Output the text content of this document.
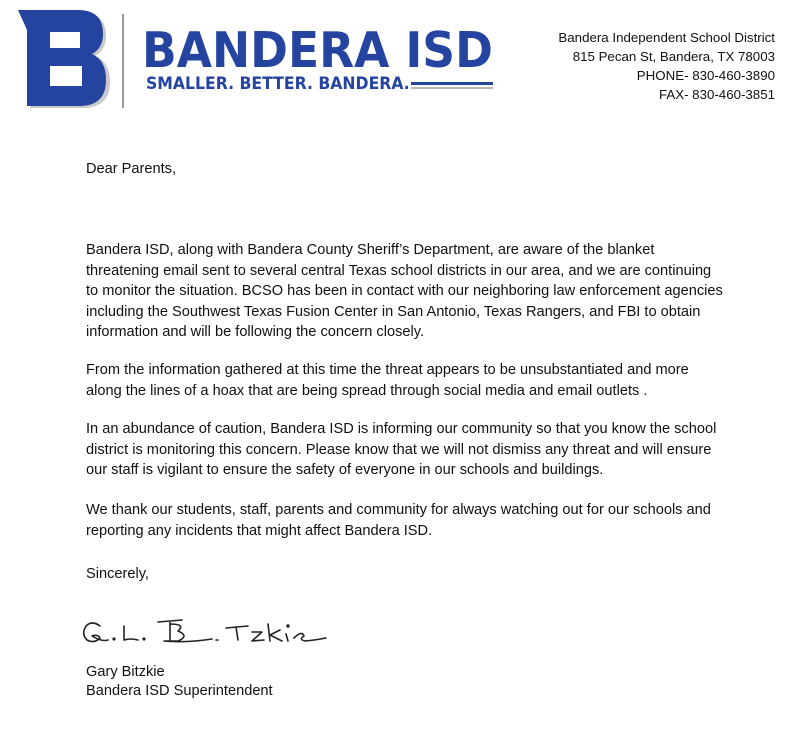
BANDERA ISD
SMALLER. BETTER. BANDERA.
Bandera Independent School District
815 Pecan St, Bandera, TX 78003
PHONE- 830-460-3890
FAX- 830-460-3851
Dear Parents,

Bandera ISD, along with Bandera County Sheriff’s Department, are aware of the blanket threatening email sent to several central Texas school districts in our area, and we are continuing to monitor the situation. BCSO has been in contact with our neighboring law enforcement agencies including the Southwest Texas Fusion Center in San Antonio, Texas Rangers, and FBI to obtain information and will be following the concern closely.

From the information gathered at this time the threat appears to be unsubstantiated and more along the lines of a hoax that are being spread through social media and email outlets .

In an abundance of caution, Bandera ISD is informing our community so that you know the school district is monitoring this concern. Please know that we will not dismiss any threat and will ensure our staff is vigilant to ensure the safety of everyone in our schools and buildings.

We thank our students, staff, parents and community for always watching out for our schools and reporting any incidents that might affect Bandera ISD.

Sincerely,
Gary Bitzkie
Bandera ISD Superintendent
